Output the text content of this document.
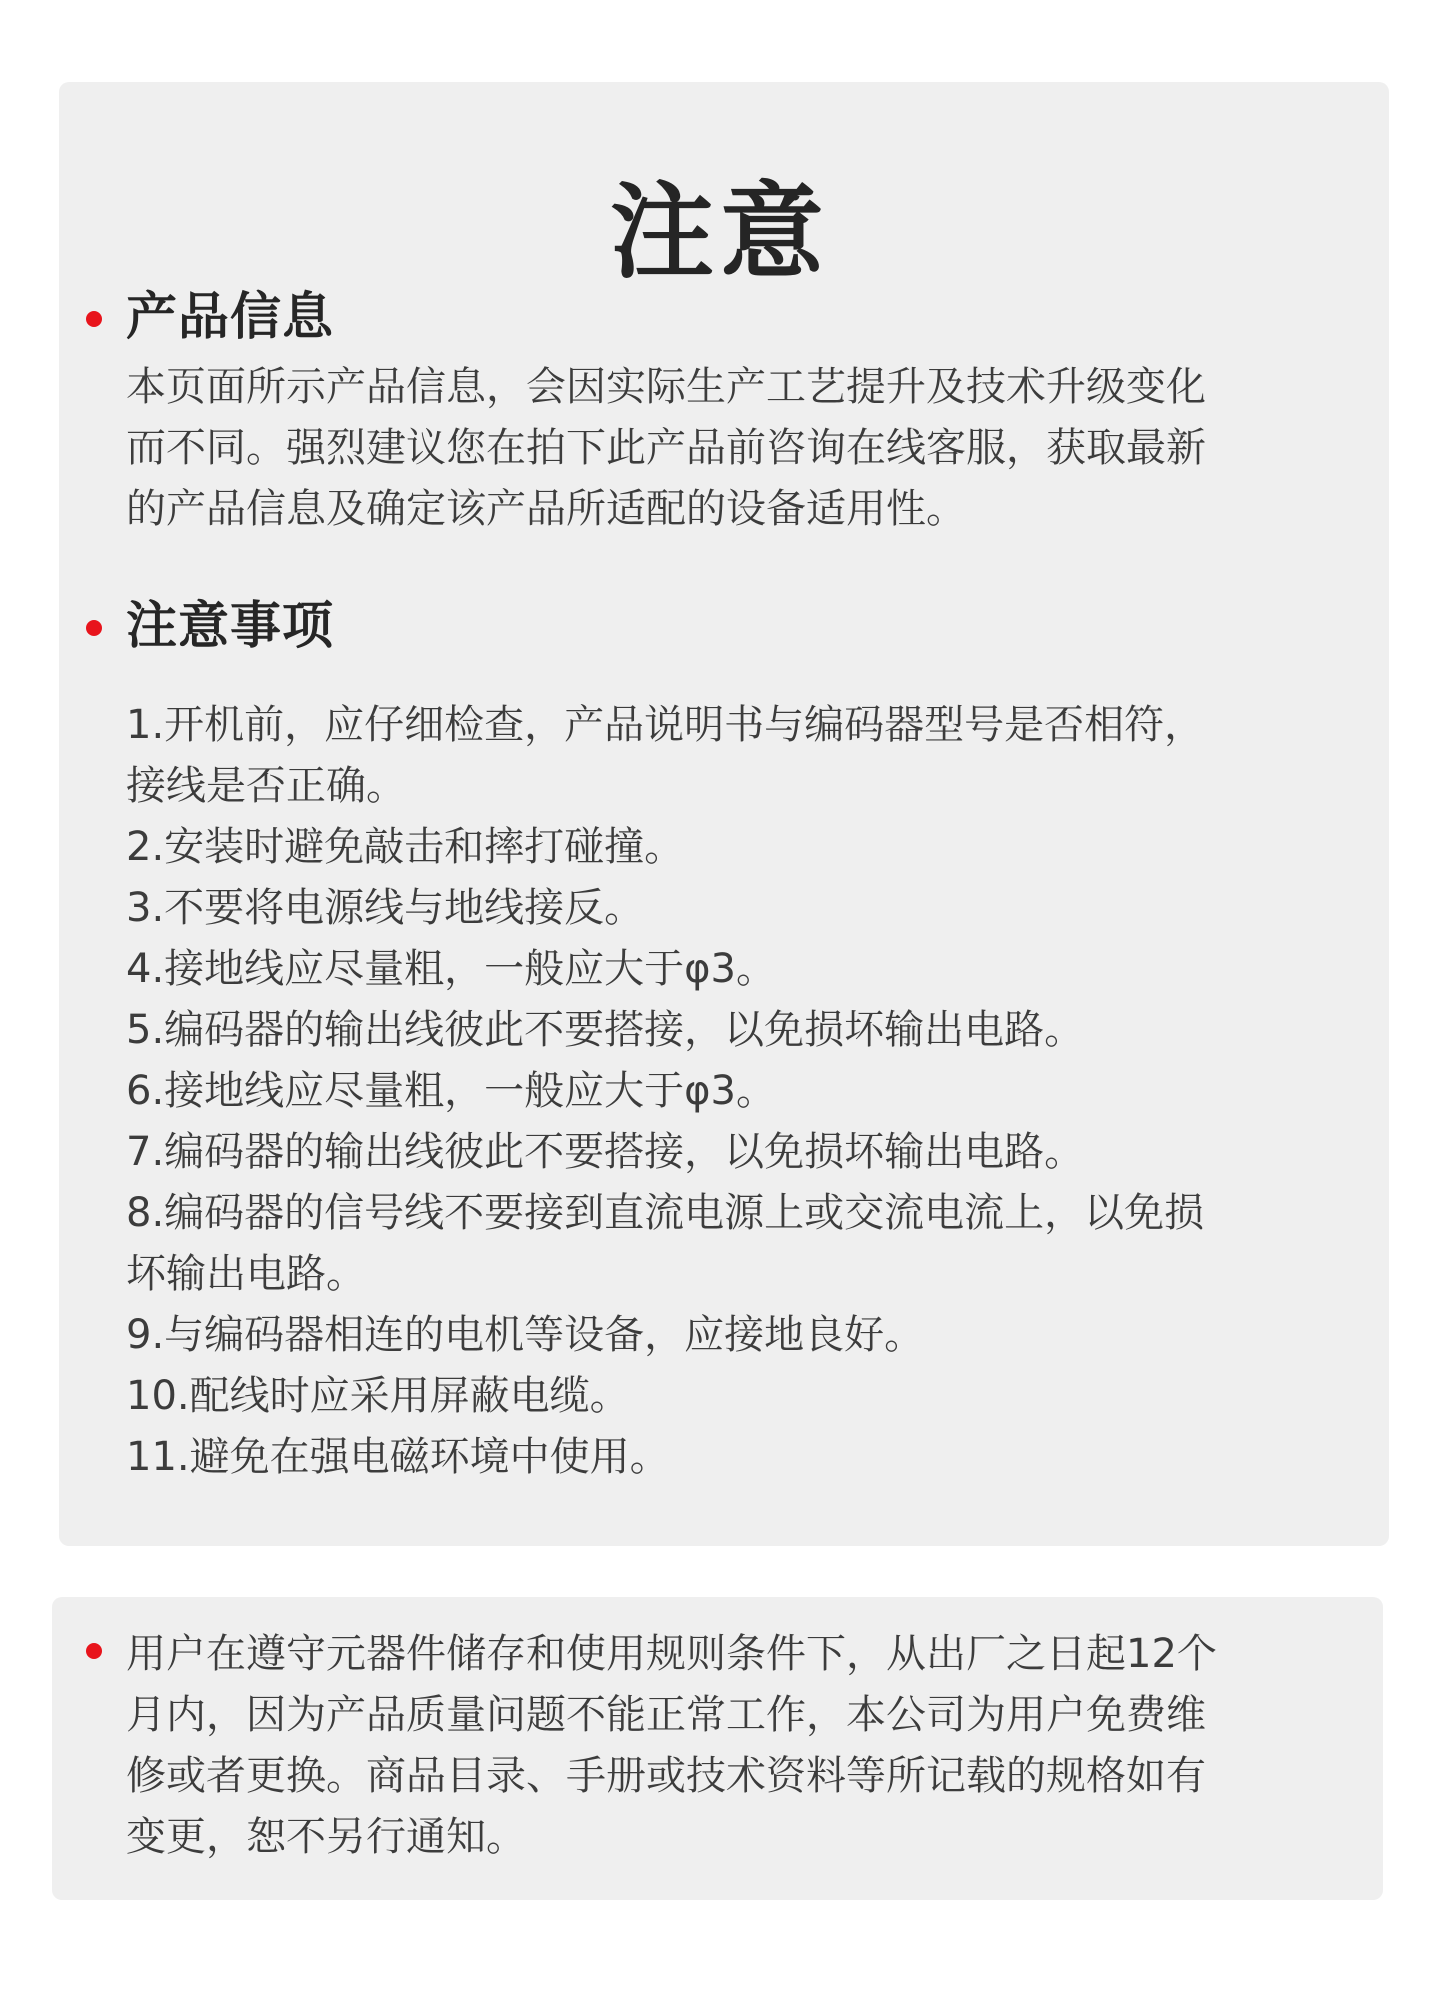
注意
产品信息

本页面所示产品信息，会因实际生产工艺提升及技术升级变化
而不同。强烈建议您在拍下此产品前咨询在线客服，获取最新
的产品信息及确定该产品所适配的设备适用性。

注意事项
1.开机前，应仔细检查，产品说明书与编码器型号是否相符，
接线是否正确。
2.安装时避免敲击和摔打碰撞。
3.不要将电源线与地线接反。
4.接地线应尽量粗，一般应大于φ3。
5.编码器的输出线彼此不要搭接，以免损坏输出电路。
6.接地线应尽量粗，一般应大于φ3。
7.编码器的输出线彼此不要搭接，以免损坏输出电路。
8.编码器的信号线不要接到直流电源上或交流电流上，以免损
坏输出电路。
9.与编码器相连的电机等设备，应接地良好。
10.配线时应采用屏蔽电缆。
11.避免在强电磁环境中使用。

用户在遵守元器件储存和使用规则条件下，从出厂之日起12个
月内，因为产品质量问题不能正常工作，本公司为用户免费维
修或者更换。商品目录、手册或技术资料等所记载的规格如有
变更，恕不另行通知。
